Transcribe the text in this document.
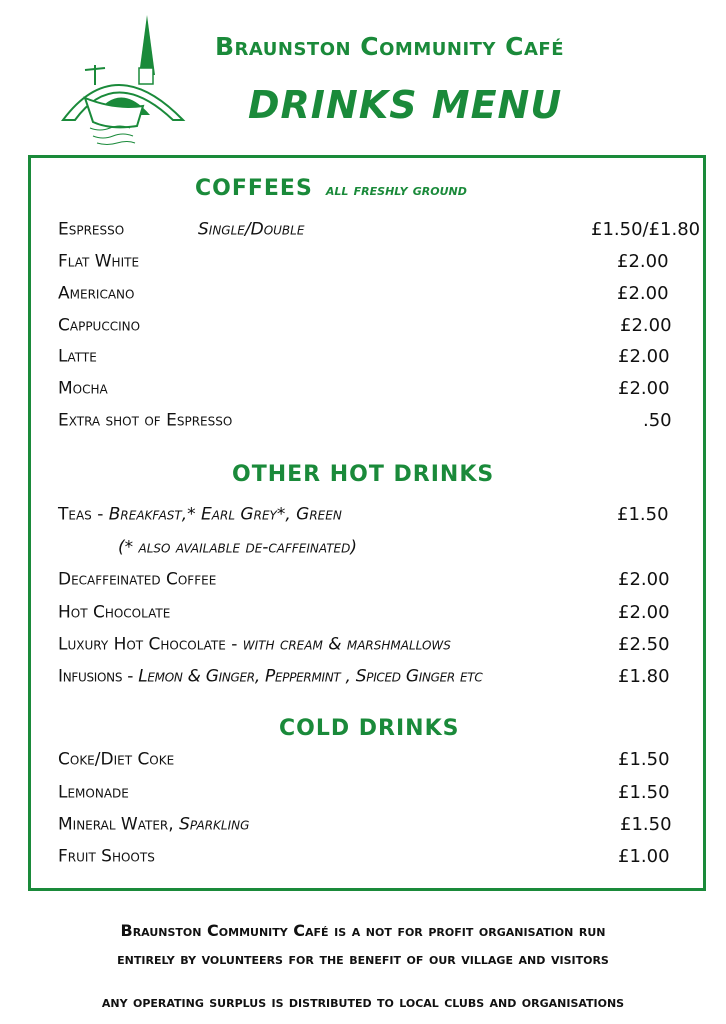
Braunston Community Café
DRINKS MENU
COFFEES all freshly ground
Espresso	Single/Double	£1.50/£1.80
Flat White	£2.00
Americano	£2.00
Cappuccino	£2.00
Latte	£2.00
Mocha	£2.00
Extra shot of Espresso	.50
OTHER HOT DRINKS
Teas - Breakfast,* Earl Grey*, Green	£1.50
(* also available de-caffeinated)
Decaffeinated Coffee	£2.00
Hot Chocolate	£2.00
Luxury Hot Chocolate - with cream & marshmallows	£2.50
Infusions - Lemon & Ginger, Peppermint , Spiced Ginger etc	£1.80
COLD DRINKS
Coke/Diet Coke	£1.50
Lemonade	£1.50
Mineral Water, Sparkling	£1.50
Fruit Shoots	£1.00
Braunston Community Café is a not for profit organisation run
entirely by volunteers for the benefit of our village and visitors
any operating surplus is distributed to local clubs and organisations
